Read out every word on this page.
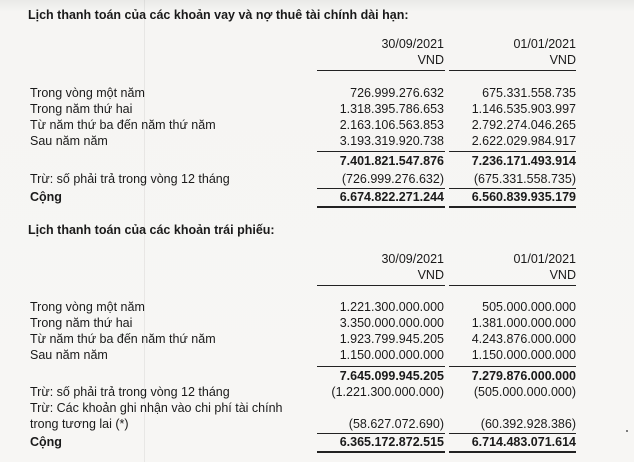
Lịch thanh toán của các khoản vay và nợ thuê tài chính dài hạn:
30/09/2021	01/01/2021
VND	VND
Trong vòng một năm	726.999.276.632	675.331.558.735
Trong năm thứ hai	1.318.395.786.653 1.146.535.903.997
Từ năm thứ ba đến năm thứ năm	2.163.106.563.853 2.792.274.046.265
Sau năm năm	3.193.319.920.738 2.622.029.984.917
7.401.821.547.876 7.236.171.493.914
Trừ: số phải trả trong vòng 12 tháng	(726.999.276.632) (675.331.558.735)
Cộng	6.674.822.271.244 6.560.839.935.179
Lịch thanh toán của các khoản trái phiếu:
30/09/2021	01/01/2021
VND	VND
Trong vòng một năm	1.221.300.000.000	505.000.000.000
Trong năm thứ hai	3.350.000.000.000 1.381.000.000.000
Từ năm thứ ba đến năm thứ năm	1.923.799.945.205 4.243.876.000.000
Sau năm năm	1.150.000.000.000 1.150.000.000.000
7.645.099.945.205 7.279.876.000.000
Trừ: số phải trả trong vòng 12 tháng	(1.221.300.000.000) (505.000.000.000)
Trừ: Các khoản ghi nhận vào chi phí tài chính
trong tương lai (*)	(58.627.072.690)	(60.392.928.386)
Cộng	6.365.172.872.515 6.714.483.071.614
